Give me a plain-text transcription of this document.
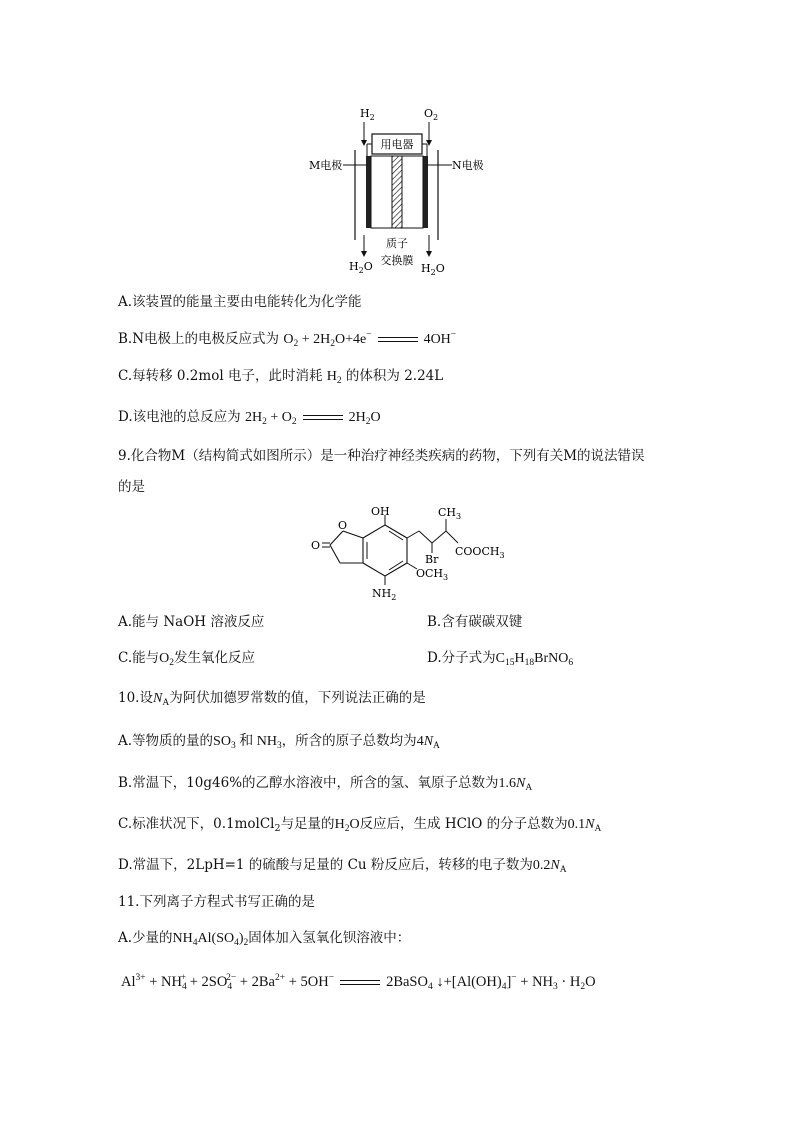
$H_2$	$O_2$
用电器
M电极	N电极
质子
交换膜
$H_2O$	$H_2O$
A.该装置的能量主要由电能转化为化学能
B.N电极上的电极反应式为 $O_2 + 2H_2O+4e^-$	4OH−
C.每转移 0.2mol 电子，此时消耗 $H_2$ 的体积为 2.24L
D.该电池的总反应为 $2H_2 + O_2$	$2H_2O$
9.化合物M（结构简式如图所示）是一种治疗神经类疾病的药物，下列有关M的说法错误
的是
O
O
OH	$CH_3$
$COOCH_3$
Br
$OCH_3$
$NH_2$
A.能与 NaOH 溶液反应	B.含有碳碳双键
C.能与$O_2$发生氧化反应	D.分子式为$C_{15}H_{18}BrNO_6$
10.设$N_A$为阿伏加德罗常数的值，下列说法正确的是
A.等物质的量的$SO_3$ 和 $NH_3$，所含的原子总数均为$4N_A$
B.常温下，10g46%的乙醇水溶液中，所含的氢、氧原子总数为$1.6N_A$
C.标准状况下，0.1molCl$_2$与足量的$H_2O$反应后，生成 HClO 的分子总数为$0.1N_A$
D.常温下，2LpH=1 的硫酸与足量的 Cu 粉反应后，转移的电子数为$0.2N_A$
11.下列离子方程式书写正确的是
A.少量的$NH_4Al(SO_4)_2$固体加入氢氧化钡溶液中：
$Al^{3+} + NH_4^+ + 2SO_4^{2-} + 2Ba^{2+} + 5OH^-$	2BaSO$_4$ $↓+[Al(OH)_4]^- + NH_3 \cdot H_2O$
